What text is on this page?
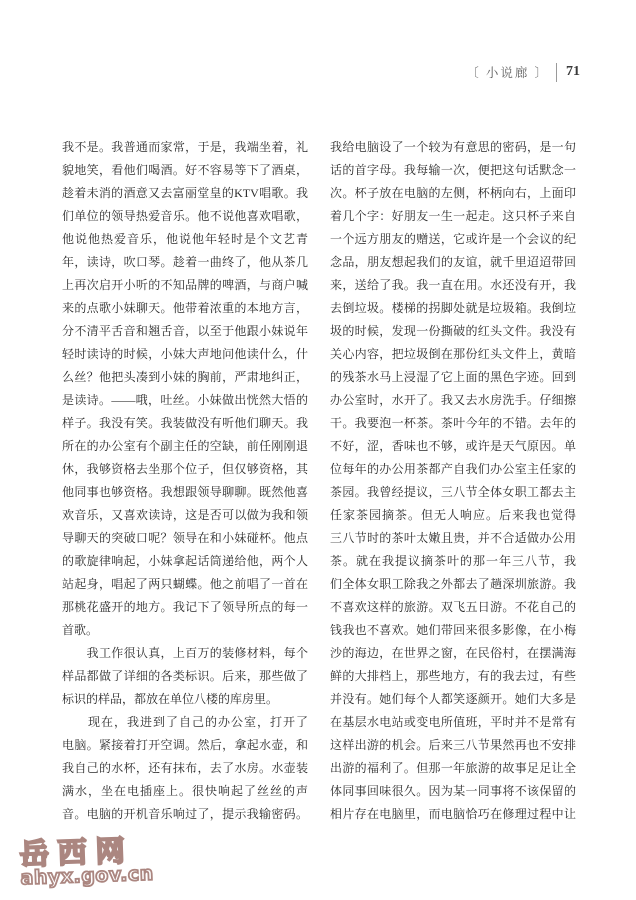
〔 小说廊 〕 71
我不是。我普通而家常，于是，我端坐着，礼
貌地笑，看他们喝酒。好不容易等下了酒桌，
趁着未消的酒意又去富丽堂皇的KTV唱歌。我
们单位的领导热爱音乐。他不说他喜欢唱歌，
他说他热爱音乐，他说他年轻时是个文艺青
年，读诗，吹口琴。趁着一曲终了，他从茶几
上再次启开小听的不知品牌的啤酒，与商户喊
来的点歌小妹聊天。他带着浓重的本地方言，
分不清平舌音和翘舌音，以至于他跟小妹说年
轻时读诗的时候，小妹大声地问他读什么，什
么丝？他把头凑到小妹的胸前，严肃地纠正，
是读诗。——哦，吐丝。小妹做出恍然大悟的
样子。我没有笑。我装做没有听他们聊天。我
所在的办公室有个副主任的空缺，前任刚刚退
休，我够资格去坐那个位子，但仅够资格，其
他同事也够资格。我想跟领导聊聊。既然他喜
欢音乐，又喜欢读诗，这是否可以做为我和领
导聊天的突破口呢？领导在和小妹碰杯。他点
的歌旋律响起，小妹拿起话筒递给他，两个人
站起身，唱起了两只蝴蝶。他之前唱了一首在
那桃花盛开的地方。我记下了领导所点的每一
首歌。
　　我工作很认真，上百万的装修材料，每个
样品都做了详细的各类标识。后来，那些做了
标识的样品，都放在单位八楼的库房里。
　　现在，我进到了自己的办公室，打开了
电脑。紧接着打开空调。然后，拿起水壶，和
我自己的水杯，还有抹布，去了水房。水壶装
满水，坐在电插座上。很快响起了丝丝的声
音。电脑的开机音乐响过了，提示我输密码。
我给电脑设了一个较为有意思的密码，是一句
话的首字母。我每输一次，便把这句话默念一
次。杯子放在电脑的左侧，杯柄向右，上面印
着几个字：好朋友一生一起走。这只杯子来自
一个远方朋友的赠送，它或许是一个会议的纪
念品，朋友想起我们的友谊，就千里迢迢带回
来，送给了我。我一直在用。水还没有开，我
去倒垃圾。楼梯的拐脚处就是垃圾箱。我倒垃
圾的时候，发现一份撕破的红头文件。我没有
关心内容，把垃圾倒在那份红头文件上，黄暗
的残茶水马上浸湿了它上面的黑色字迹。回到
办公室时，水开了。我又去水房洗手。仔细擦
干。我要泡一杯茶。茶叶今年的不错。去年的
不好，涩，香味也不够，或许是天气原因。单
位每年的办公用茶都产自我们办公室主任家的
茶园。我曾经提议，三八节全体女职工都去主
任家茶园摘茶。但无人响应。后来我也觉得
三八节时的茶叶太嫩且贵，并不合适做办公用
茶。就在我提议摘茶叶的那一年三八节，我
们全体女职工除我之外都去了趟深圳旅游。我
不喜欢这样的旅游。双飞五日游。不花自己的
钱我也不喜欢。她们带回来很多影像，在小梅
沙的海边，在世界之窗，在民俗村，在摆满海
鲜的大排档上，那些地方，有的我去过，有些
并没有。她们每个人都笑逐颜开。她们大多是
在基层水电站或变电所值班，平时并不是常有
这样出游的机会。后来三八节果然再也不安排
出游的福利了。但那一年旅游的故事足足让全
体同事回味很久。因为某一同事将不该保留的
相片存在电脑里，而电脑恰巧在修理过程中让
岳西网
ahyx.gov.cn
